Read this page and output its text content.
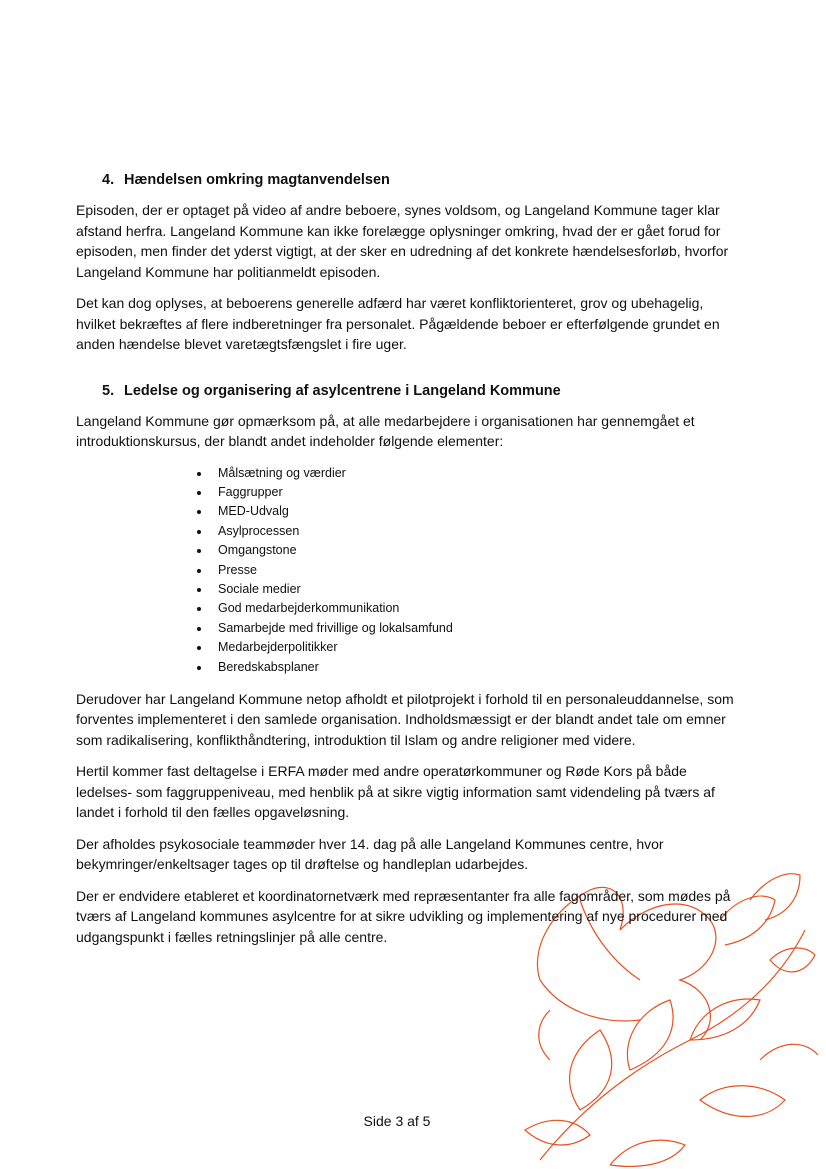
4. Hændelsen omkring magtanvendelsen

Episoden, der er optaget på video af andre beboere, synes voldsom, og Langeland Kommune tager klar afstand herfra. Langeland Kommune kan ikke forelægge oplysninger omkring, hvad der er gået forud for episoden, men finder det yderst vigtigt, at der sker en udredning af det konkrete hændelsesforløb, hvorfor Langeland Kommune har politianmeldt episoden.

Det kan dog oplyses, at beboerens generelle adfærd har været konfliktorienteret, grov og ubehagelig, hvilket bekræftes af flere indberetninger fra personalet. Pågældende beboer er efterfølgende grundet en anden hændelse blevet varetægtsfængslet i fire uger.

5. Ledelse og organisering af asylcentrene i Langeland Kommune

Langeland Kommune gør opmærksom på, at alle medarbejdere i organisationen har gennemgået et introduktionskursus, der blandt andet indeholder følgende elementer:

Målsætning og værdier
Faggrupper
MED-Udvalg
Asylprocessen
Omgangstone
Presse
Sociale medier
God medarbejderkommunikation
Samarbejde med frivillige og lokalsamfund
Medarbejderpolitikker
Beredskabsplaner

Derudover har Langeland Kommune netop afholdt et pilotprojekt i forhold til en personaleuddannelse, som forventes implementeret i den samlede organisation. Indholdsmæssigt er der blandt andet tale om emner som radikalisering, konflikthåndtering, introduktion til Islam og andre religioner med videre.

Hertil kommer fast deltagelse i ERFA møder med andre operatørkommuner og Røde Kors på både ledelses- som faggruppeniveau, med henblik på at sikre vigtig information samt videndeling på tværs af landet i forhold til den fælles opgaveløsning.

Der afholdes psykosociale teammøder hver 14. dag på alle Langeland Kommunes centre, hvor bekymringer/enkeltsager tages op til drøftelse og handleplan udarbejdes.

Der er endvidere etableret et koordinatornetværk med repræsentanter fra alle fagområder, som mødes på tværs af Langeland kommunes asylcentre for at sikre udvikling og implementering af nye procedurer med udgangspunkt i fælles retningslinjer på alle centre.

Side 3 af 5
